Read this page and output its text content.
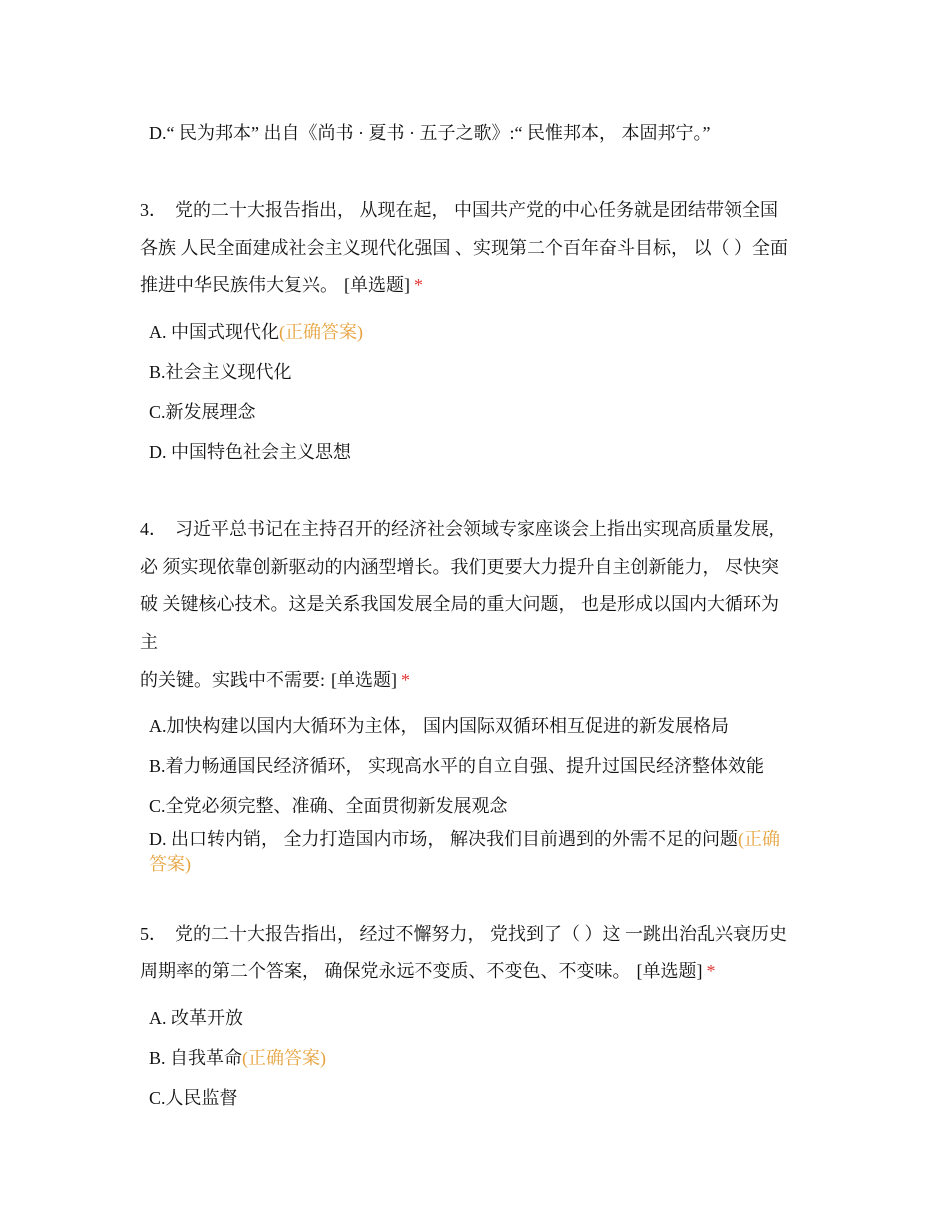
D.“ 民为邦本” 出自《尚书 · 夏书 · 五子之歌》:“ 民惟邦本， 本固邦宁。”
3． 党的二十大报告指出， 从现在起， 中国共产党的中心任务就是团结带领全国
各族 人民全面建成社会主义现代化强国 、实现第二个百年奋斗目标， 以（ ）全面
推进中华民族伟大复兴。 [单选题] *
A. 中国式现代化(正确答案)
B.社会主义现代化
C.新发展理念
D. 中国特色社会主义思想
4． 习近平总书记在主持召开的经济社会领域专家座谈会上指出实现高质量发展,
必 须实现依靠创新驱动的内涵型增长。我们更要大力提升自主创新能力， 尽快突
破 关键核心技术。这是关系我国发展全局的重大问题， 也是形成以国内大循环为
主
的关键。实践中不需要: [单选题] *
A.加快构建以国内大循环为主体， 国内国际双循环相互促进的新发展格局
B.着力畅通国民经济循环， 实现高水平的自立自强、提升过国民经济整体效能
C.全党必须完整、准确、全面贯彻新发展观念
D. 出口转内销， 全力打造国内市场， 解决我们目前遇到的外需不足的问题(正确
答案)
5． 党的二十大报告指出， 经过不懈努力， 党找到了（ ）这 一跳出治乱兴衰历史
周期率的第二个答案， 确保党永远不变质、不变色、不变味。 [单选题] *
A. 改革开放
B. 自我革命(正确答案)
C.人民监督
